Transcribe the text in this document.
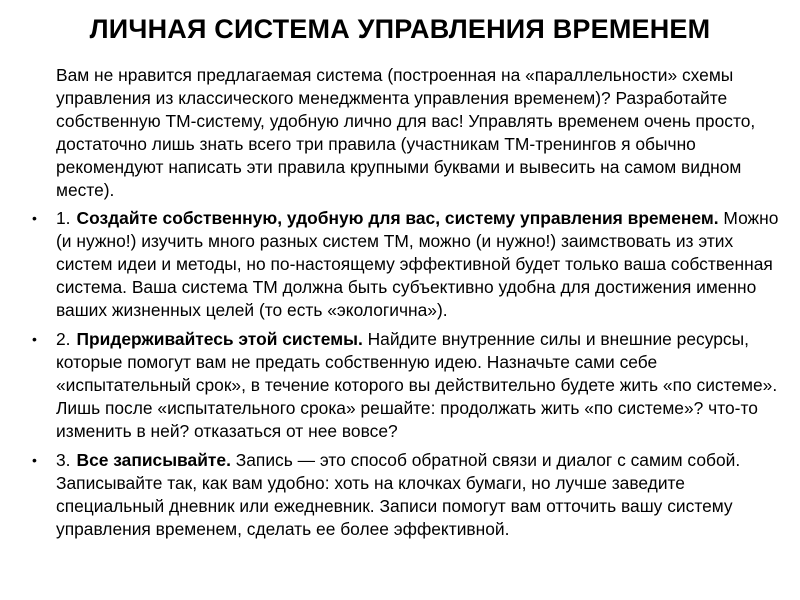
ЛИЧНАЯ СИСТЕМА УПРАВЛЕНИЯ ВРЕМЕНЕМ

Вам не нравится предлагаемая система (построенная на «параллельности» схемы управления из классического менеджмента управления временем)? Разработайте собственную ТМ-систему, удобную лично для вас! Управлять временем очень просто, достаточно лишь знать всего три правила (участникам ТМ-тренингов я обычно рекомендуют написать эти правила крупными буквами и вывесить на самом видном месте).

• 1. Создайте собственную, удобную для вас, систему управления временем. Можно (и нужно!) изучить много разных систем ТМ, можно (и нужно!) заимствовать из этих систем идеи и методы, но по-настоящему эффективной будет только ваша собственная система. Ваша система ТМ должна быть субъективно удобна для достижения именно ваших жизненных целей (то есть «экологична»).
• 2. Придерживайтесь этой системы. Найдите внутренние силы и внешние ресурсы, которые помогут вам не предать собственную идею. Назначьте сами себе «испытательный срок», в течение которого вы действительно будете жить «по системе». Лишь после «испытательного срока» решайте: продолжать жить «по системе»? что-то изменить в ней? отказаться от нее вовсе?
• 3. Все записывайте. Запись — это способ обратной связи и диалог с самим собой. Записывайте так, как вам удобно: хоть на клочках бумаги, но лучше заведите специальный дневник или ежедневник. Записи помогут вам отточить вашу систему управления временем, сделать ее более эффективной.
